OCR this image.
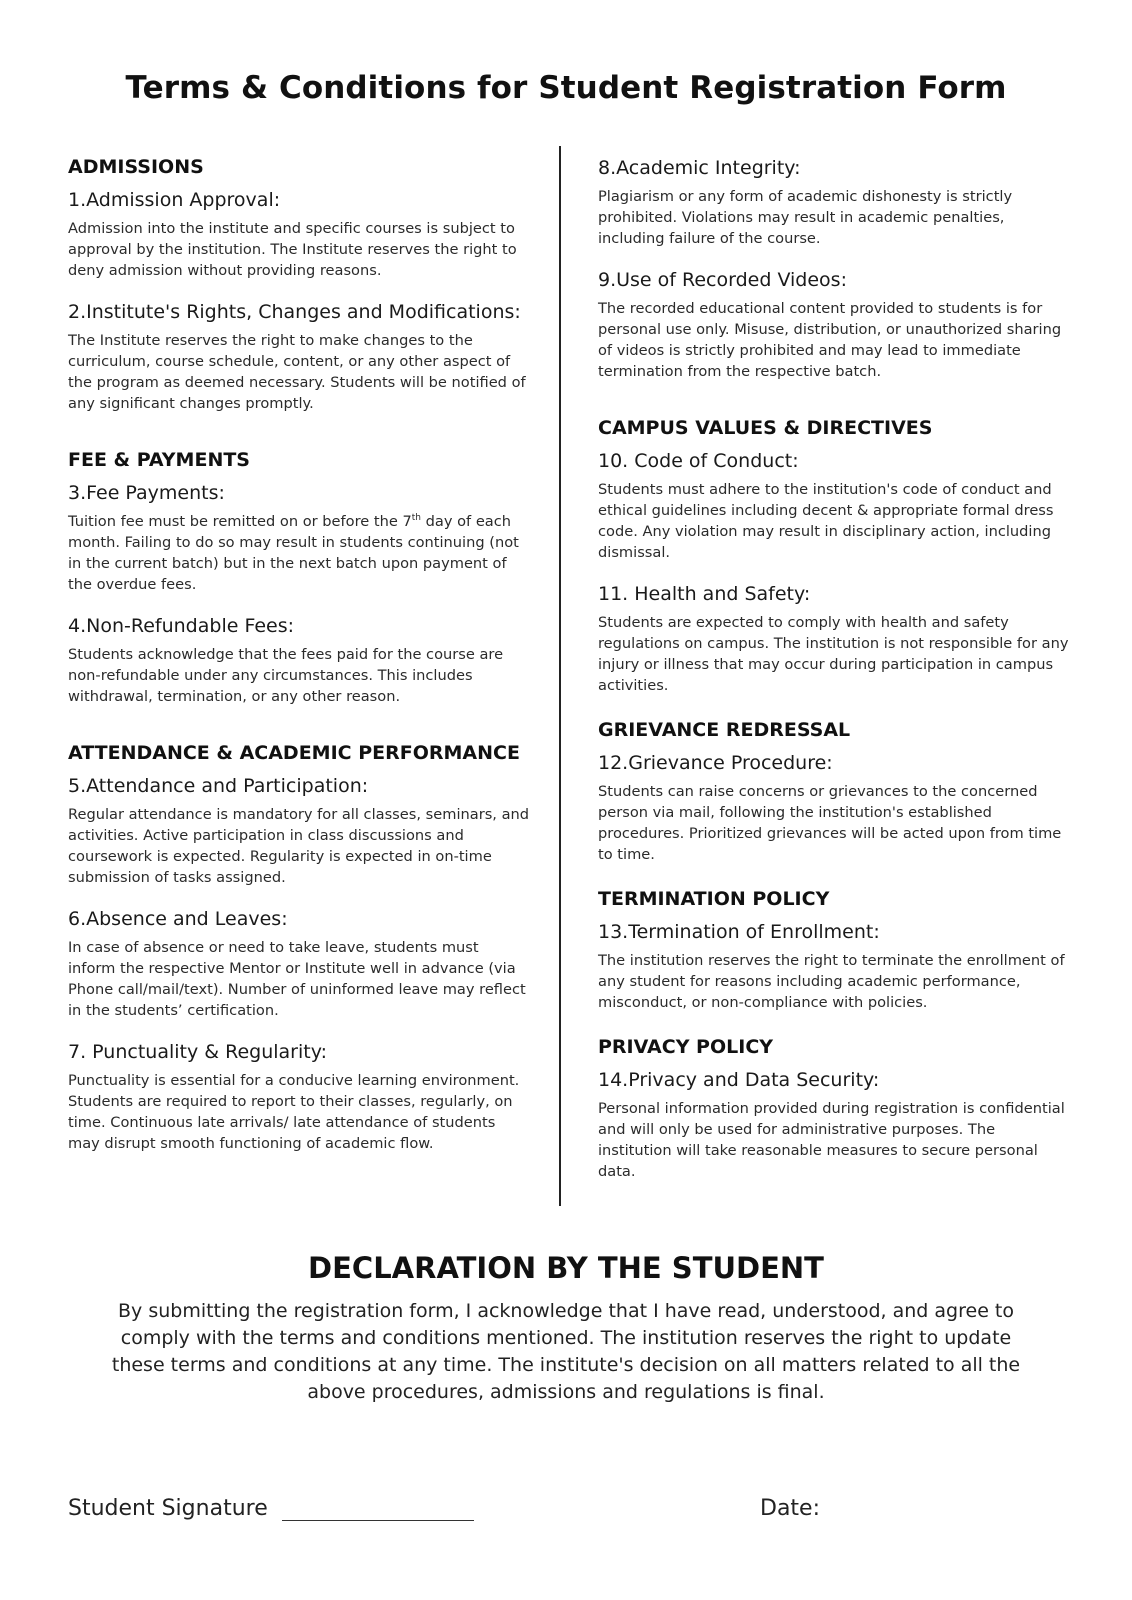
Terms & Conditions for Student Registration Form
ADMISSIONS
1.Admission Approval:
Admission into the institute and specific courses is subject to approval by the institution. The Institute reserves the right to deny admission without providing reasons.
2.Institute's Rights, Changes and Modifications:
The Institute reserves the right to make changes to the curriculum, course schedule, content, or any other aspect of the program as deemed necessary. Students will be notified of any significant changes promptly.
FEE & PAYMENTS
3.Fee Payments:
Tuition fee must be remitted on or before the 7th day of each month. Failing to do so may result in students continuing (not in the current batch) but in the next batch upon payment of the overdue fees.
4.Non-Refundable Fees:
Students acknowledge that the fees paid for the course are non-refundable under any circumstances. This includes withdrawal, termination, or any other reason.
ATTENDANCE & ACADEMIC PERFORMANCE
5.Attendance and Participation:
Regular attendance is mandatory for all classes, seminars, and activities. Active participation in class discussions and coursework is expected. Regularity is expected in on-time submission of tasks assigned.
6.Absence and Leaves:
In case of absence or need to take leave, students must inform the respective Mentor or Institute well in advance (via Phone call/mail/text). Number of uninformed leave may reflect in the students’ certification.
7. Punctuality & Regularity:
Punctuality is essential for a conducive learning environment. Students are required to report to their classes, regularly, on time. Continuous late arrivals/ late attendance of students may disrupt smooth functioning of academic flow.
8.Academic Integrity:
Plagiarism or any form of academic dishonesty is strictly prohibited. Violations may result in academic penalties, including failure of the course.
9.Use of Recorded Videos:
The recorded educational content provided to students is for personal use only. Misuse, distribution, or unauthorized sharing of videos is strictly prohibited and may lead to immediate termination from the respective batch.
CAMPUS VALUES & DIRECTIVES
10. Code of Conduct:
Students must adhere to the institution's code of conduct and ethical guidelines including decent & appropriate formal dress code. Any violation may result in disciplinary action, including dismissal.
11. Health and Safety:
Students are expected to comply with health and safety regulations on campus. The institution is not responsible for any injury or illness that may occur during participation in campus activities.
GRIEVANCE REDRESSAL
12.Grievance Procedure:
Students can raise concerns or grievances to the concerned person via mail, following the institution's established procedures. Prioritized grievances will be acted upon from time to time.
TERMINATION POLICY
13.Termination of Enrollment:
The institution reserves the right to terminate the enrollment of any student for reasons including academic performance, misconduct, or non-compliance with policies.
PRIVACY POLICY
14.Privacy and Data Security:
Personal information provided during registration is confidential and will only be used for administrative purposes. The institution will take reasonable measures to secure personal data.
DECLARATION BY THE STUDENT
By submitting the registration form, I acknowledge that I have read, understood, and agree to comply with the terms and conditions mentioned. The institution reserves the right to update these terms and conditions at any time. The institute's decision on all matters related to all the above procedures, admissions and regulations is final.
Student Signature	Date:
